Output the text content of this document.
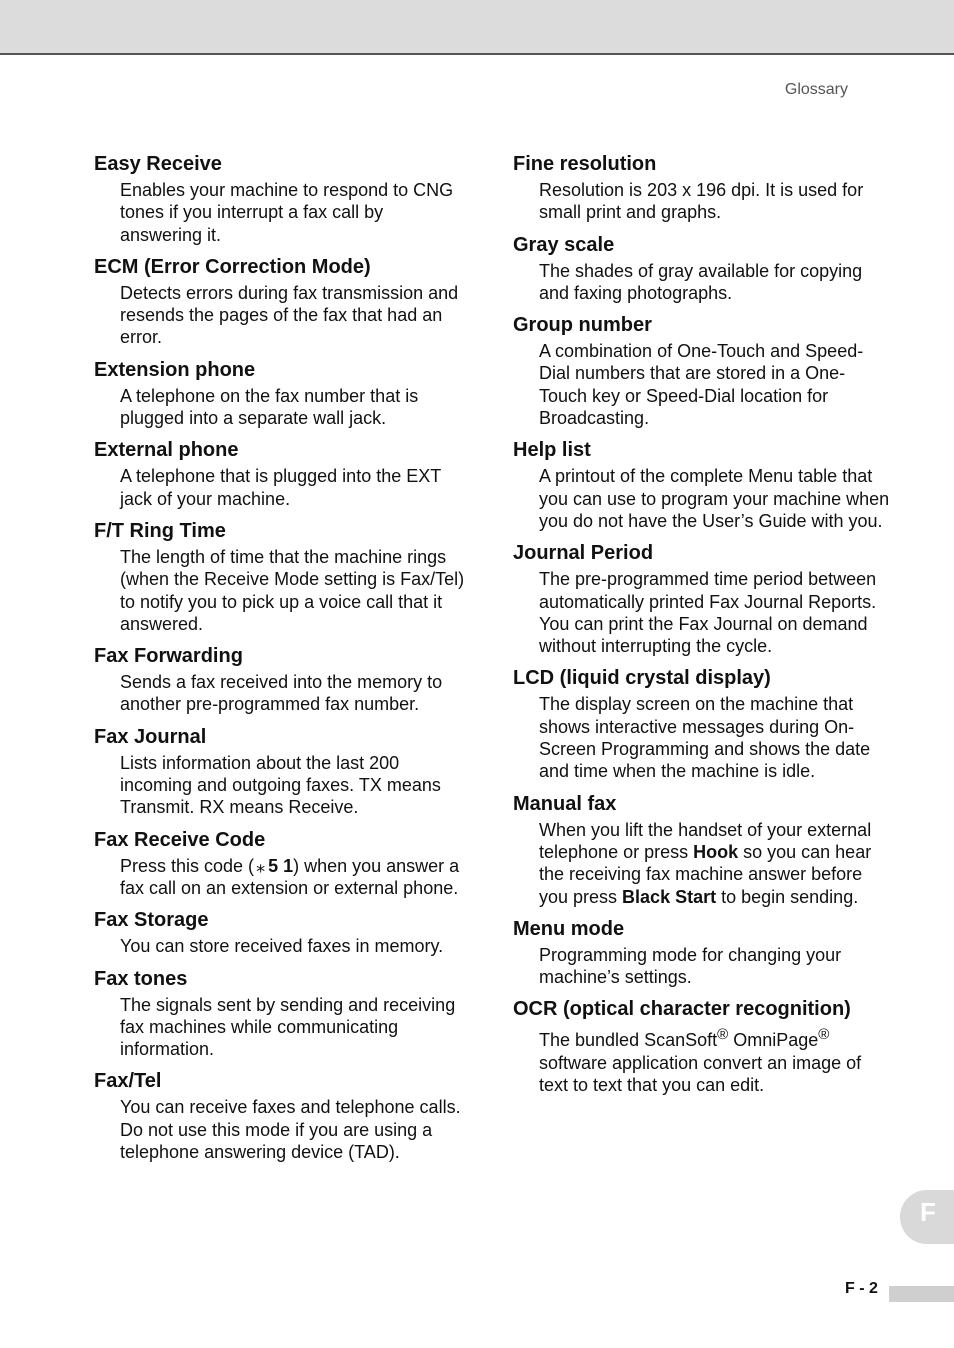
Glossary

Easy Receive

Enables your machine to respond to CNG tones if you interrupt a fax call by answering it.

ECM (Error Correction Mode)

Detects errors during fax transmission and resends the pages of the fax that had an error.

Extension phone

A telephone on the fax number that is plugged into a separate wall jack.

External phone

A telephone that is plugged into the EXT jack of your machine.

F/T Ring Time

The length of time that the machine rings (when the Receive Mode setting is Fax/Tel) to notify you to pick up a voice call that it answered.

Fax Forwarding

Sends a fax received into the memory to another pre-programmed fax number.

Fax Journal

Lists information about the last 200 incoming and outgoing faxes. TX means Transmit. RX means Receive.

Fax Receive Code

Press this code ( ⁎ 5 1) when you answer a fax call on an extension or external phone.

Fax Storage

You can store received faxes in memory.

Fax tones

The signals sent by sending and receiving fax machines while communicating information.

Fax/Tel

You can receive faxes and telephone calls. Do not use this mode if you are using a telephone answering device (TAD).

Fine resolution

Resolution is 203 x 196 dpi. It is used for small print and graphs.

Gray scale

The shades of gray available for copying and faxing photographs.

Group number

A combination of One-Touch and Speed-Dial numbers that are stored in a One-Touch key or Speed-Dial location for Broadcasting.

Help list

A printout of the complete Menu table that you can use to program your machine when you do not have the User’s Guide with you.

Journal Period

The pre-programmed time period between automatically printed Fax Journal Reports. You can print the Fax Journal on demand without interrupting the cycle.

LCD (liquid crystal display)

The display screen on the machine that shows interactive messages during On-Screen Programming and shows the date and time when the machine is idle.

Manual fax

When you lift the handset of your external telephone or press Hook so you can hear the receiving fax machine answer before you press Black Start to begin sending.

Menu mode

Programming mode for changing your machine’s settings.

OCR (optical character recognition)

The bundled ScanSoft® OmniPage® software application convert an image of text to text that you can edit.

F
F - 2
